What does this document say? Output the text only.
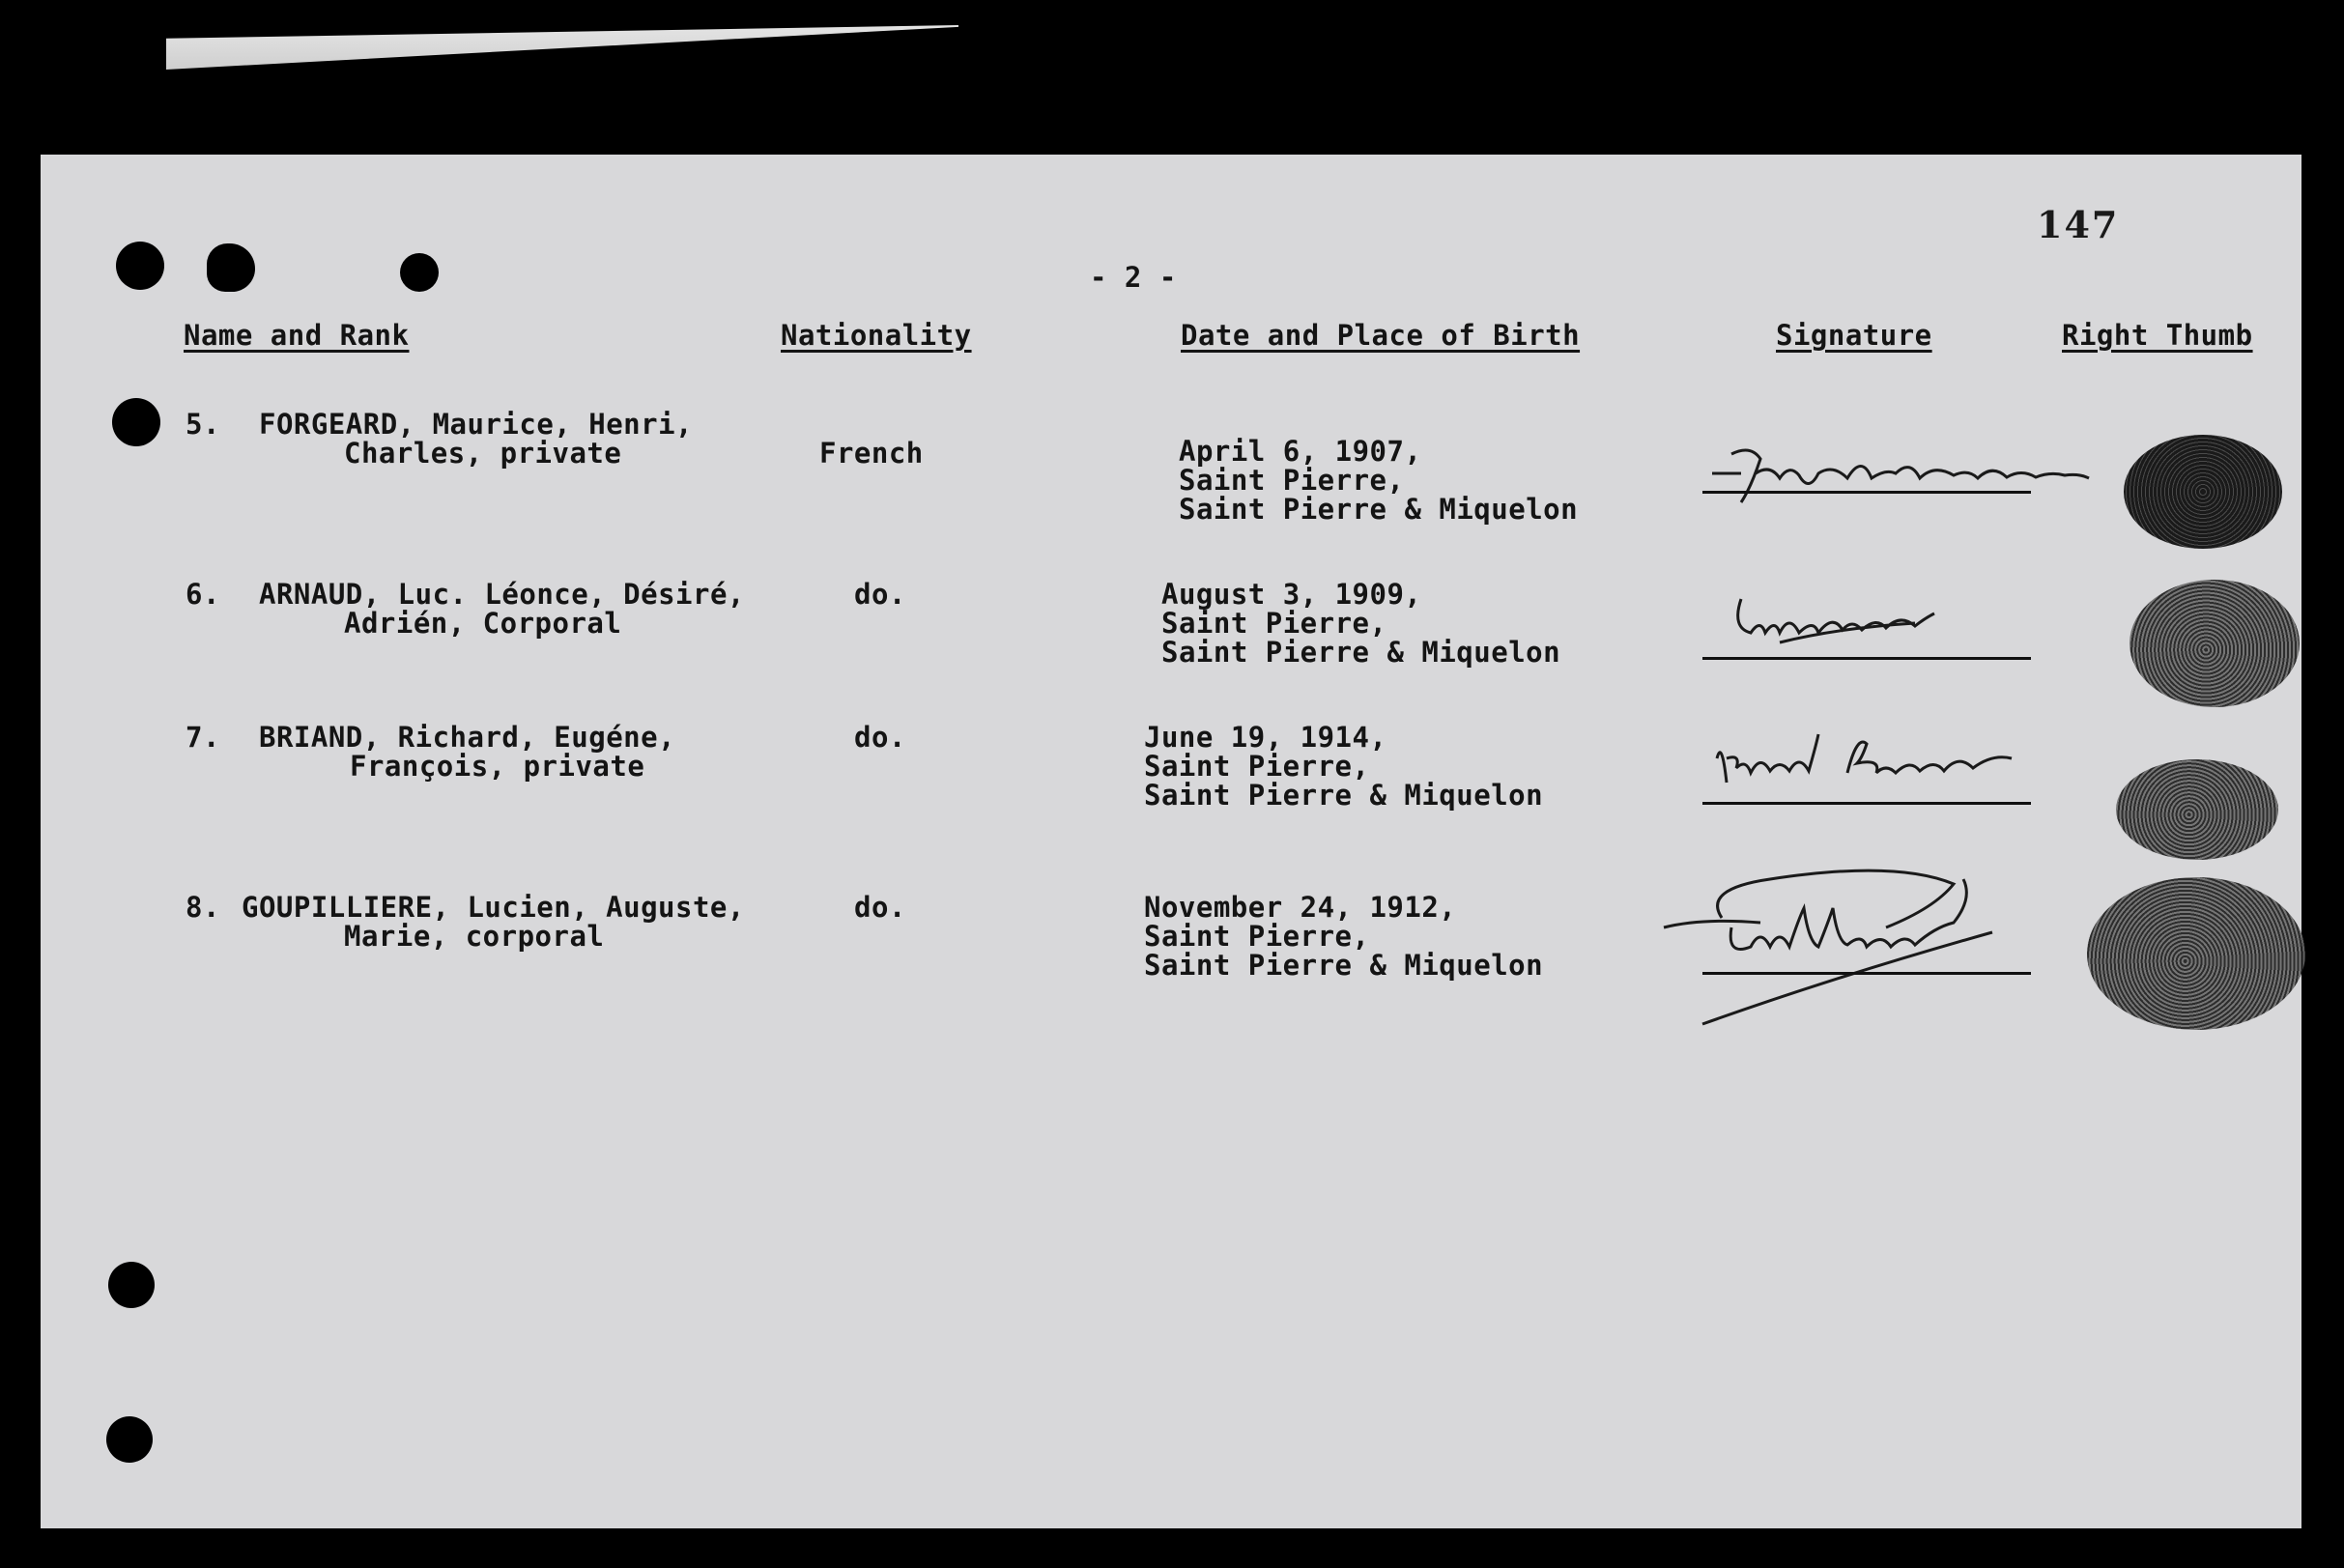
147
- 2 -
Name and Rank	Nationality	Date and Place of Birth	Signature	Right Thumb
5. FORGEARD, Maurice, Henri,
Charles, private	French	April 6, 1907,
Saint Pierre,
Saint Pierre & Miquelon
6. ARNAUD, Luc. Léonce, Désiré,
Adrién, Corporal
do.	August 3, 1909,
Saint Pierre,
Saint Pierre & Miquelon
7. BRIAND, Richard, Eugéne,
François, private
do.	June 19, 1914,
Saint Pierre,
Saint Pierre & Miquelon
8. GOUPILLIERE, Lucien, Auguste,
Marie, corporal
do.	November 24, 1912,
Saint Pierre,
Saint Pierre & Miquelon
